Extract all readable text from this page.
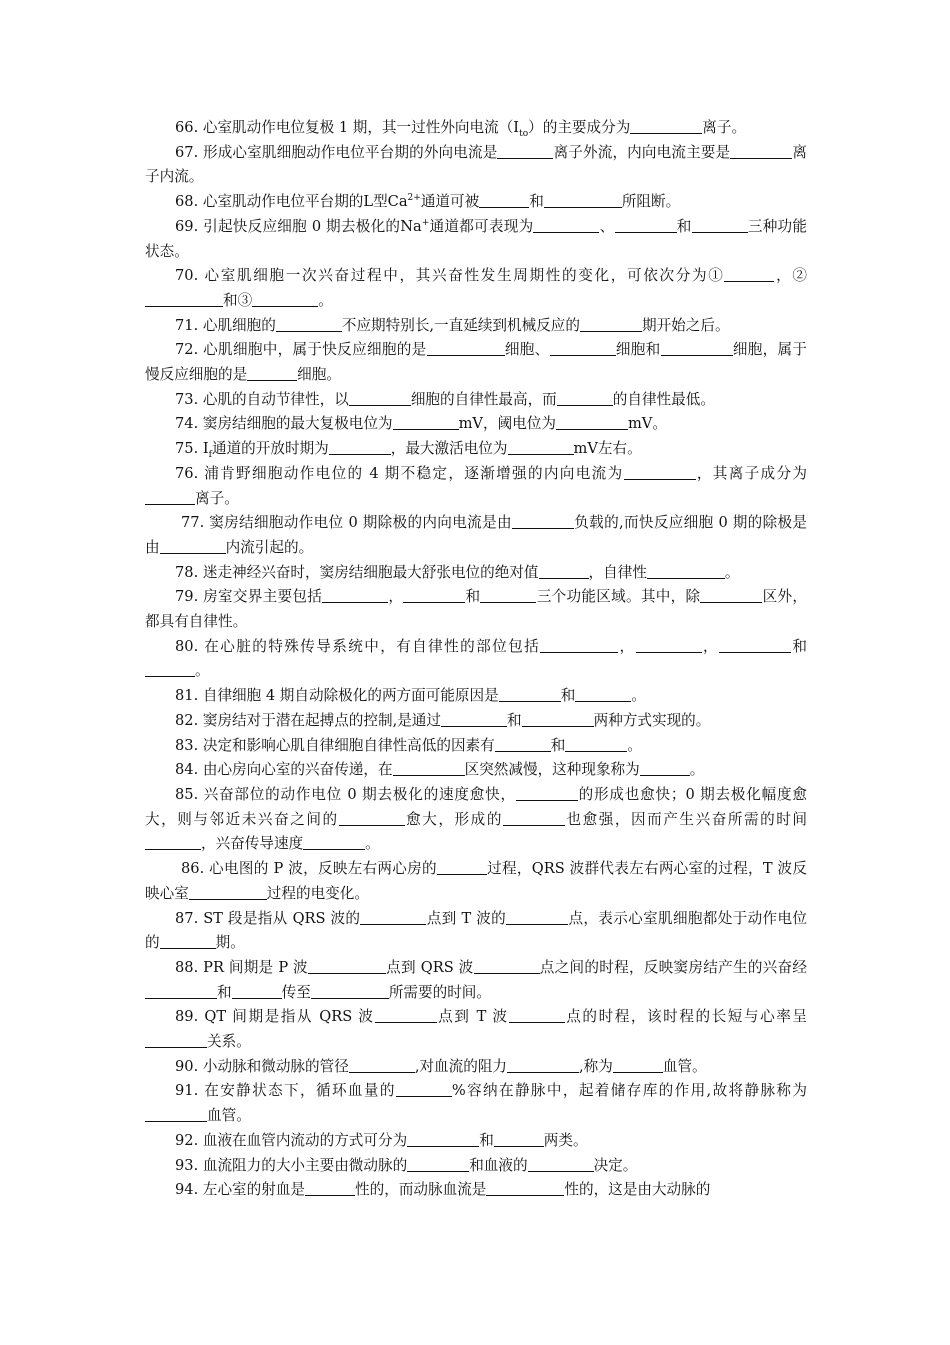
66. 心室肌动作电位复极 1 期，其一过性外向电流$(I_{to})$的主要成分为	离子。

67. 形成心室肌细胞动作电位平台期的外向电流是	离子外流，内向电流主要是	离子内流。

68. 心室肌动作电位平台期的L型$Ca^{2+}$通道可被	和	所阻断。

69. 引起快反应细胞 0 期去极化的Na+通道都可表现为	、	和	三种功能状态。

70. 心室肌细胞一次兴奋过程中，其兴奋性发生周期性的变化，可依次分为①	，②和③	。

71. 心肌细胞的	不应期特别长,一直延续到机械反应的	期开始之后。

72. 心肌细胞中，属于快反应细胞的是	细胞、	细胞和	细胞，属于慢反应细胞的是	细胞。

73. 心肌的自动节律性，以	细胞的自律性最高，而	的自律性最低。

74. 窦房结细胞的最大复极电位为	mV，阈电位为	mV。

75. $I_f$通道的开放时期为	，最大激活电位为	mV左右。

76. 浦肯野细胞动作电位的 4 期不稳定，逐渐增强的内向电流为	，其离子成分为离子。

77. 窦房结细胞动作电位 0 期除极的内向电流是由	负载的,而快反应细胞 0 期的除极是由	内流引起的。

78. 迷走神经兴奋时，窦房结细胞最大舒张电位的绝对值	，自律性	。

79. 房室交界主要包括	，	和	三个功能区域。其中，除	区外，都具有自律性。

80. 在心脏的特殊传导系统中，有自律性的部位包括	，	，	和。

81. 自律细胞 4 期自动除极化的两方面可能原因是	和	。

82. 窦房结对于潜在起搏点的控制,是通过	和	两种方式实现的。

83. 决定和影响心肌自律细胞自律性高低的因素有	和	。

84. 由心房向心室的兴奋传递，在	区突然减慢，这种现象称为	。

85. 兴奋部位的动作电位 0 期去极化的速度愈快，	的形成也愈快；0 期去极化幅度愈大，则与邻近未兴奋之间的	愈大，形成的	也愈强，因而产生兴奋所需的时间，兴奋传导速度	。

86. 心电图的 P 波，反映左右两心房的	过程，QRS 波群代表左右两心室的过程，T 波反映心室	过程的电变化。

87. ST 段是指从 QRS 波的	点到 T 波的	点，表示心室肌细胞都处于动作电位的	期。

88. PR 间期是 P 波	点到 QRS 波	点之间的时程，反映窦房结产生的兴奋经和	传至	所需要的时间。

89. QT 间期是指从 QRS 波	点到 T 波	点的时程，该时程的长短与心率呈关系。

90. 小动脉和微动脉的管径	,对血流的阻力	,称为	血管。

91. 在安静状态下，循环血量的	%容纳在静脉中，起着储存库的作用,故将静脉称为血管。

92. 血液在血管内流动的方式可分为	和	两类。

93. 血流阻力的大小主要由微动脉的	和血液的	决定。

94. 左心室的射血是	性的，而动脉血流是	性的，这是由大动脉的
